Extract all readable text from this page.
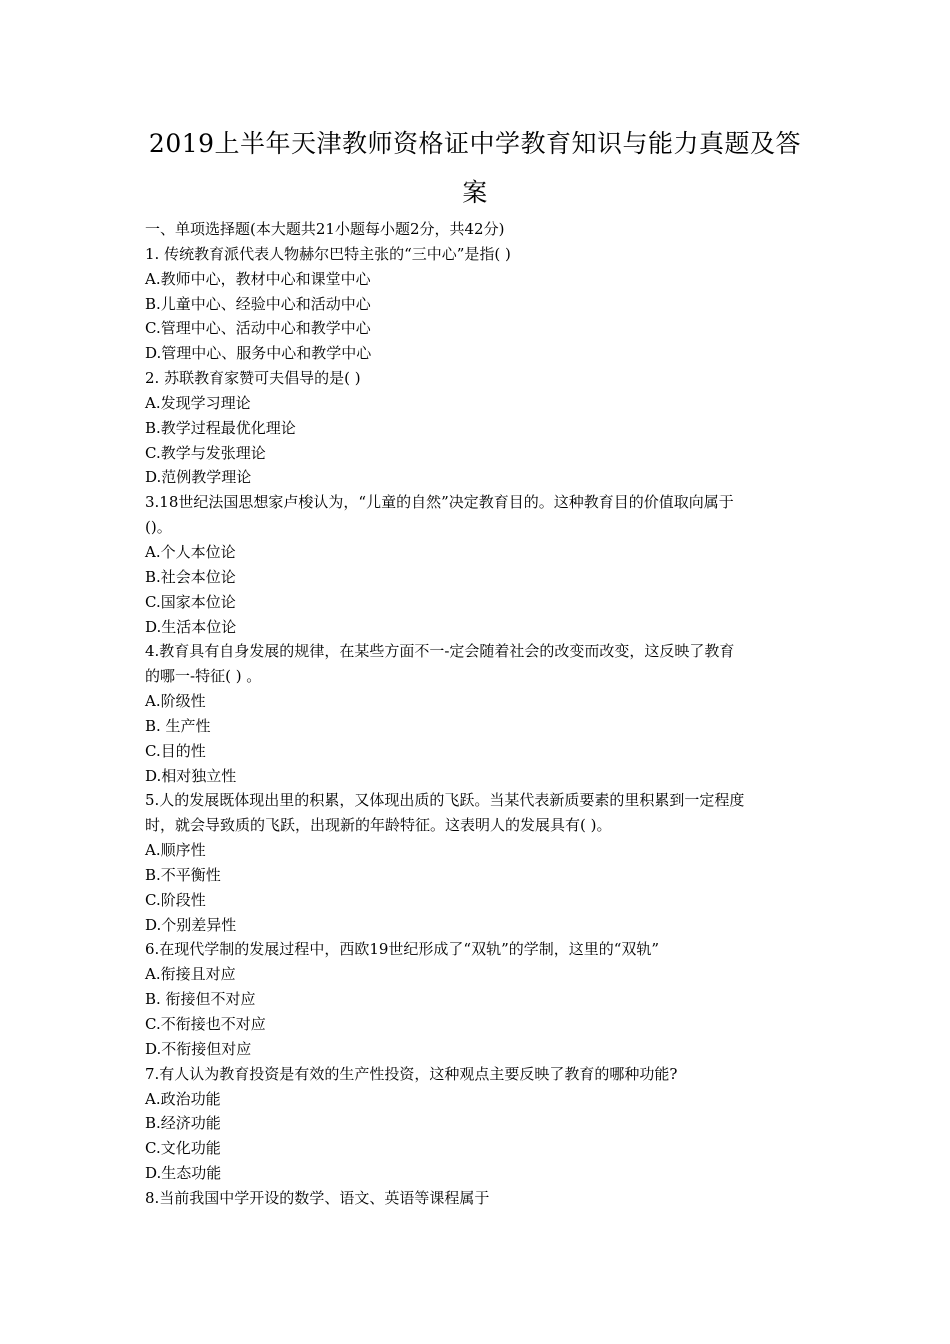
2019上半年天津教师资格证中学教育知识与能力真题及答
案
一、单项选择题(本大题共21小题每小题2分，共42分)
1. 传统教育派代表人物赫尔巴特主张的“三中心”是指( )
A.教师中心，教材中心和课堂中心
B.儿童中心、经验中心和活动中心
C.管理中心、活动中心和教学中心
D.管理中心、服务中心和教学中心
2. 苏联教育家赞可夫倡导的是( )
A.发现学习理论
B.教学过程最优化理论
C.教学与发张理论
D.范例教学理论
3.18世纪法国思想家卢梭认为，“儿童的自然”决定教育目的。这种教育目的价值取向属于
()。
A.个人本位论
B.社会本位论
C.国家本位论
D.生活本位论
4.教育具有自身发展的规律，在某些方面不一-定会随着社会的改变而改变，这反映了教育
的哪一-特征( ) 。
A.阶级性
B. 生产性
C.目的性
D.相对独立性
5.人的发展既体现出里的积累，又体现出质的飞跃。当某代表新质要素的里积累到一定程度
时，就会导致质的飞跃，出现新的年龄特征。这表明人的发展具有( )。
A.顺序性
B.不平衡性
C.阶段性
D.个别差异性
6.在现代学制的发展过程中，西欧19世纪形成了“双轨”的学制，这里的“双轨”
A.衔接且对应
B. 衔接但不对应
C.不衔接也不对应
D.不衔接但对应
7.有人认为教育投资是有效的生产性投资，这种观点主要反映了教育的哪种功能?
A.政治功能
B.经济功能
C.文化功能
D.生态功能
8.当前我国中学开设的数学、语文、英语等课程属于
